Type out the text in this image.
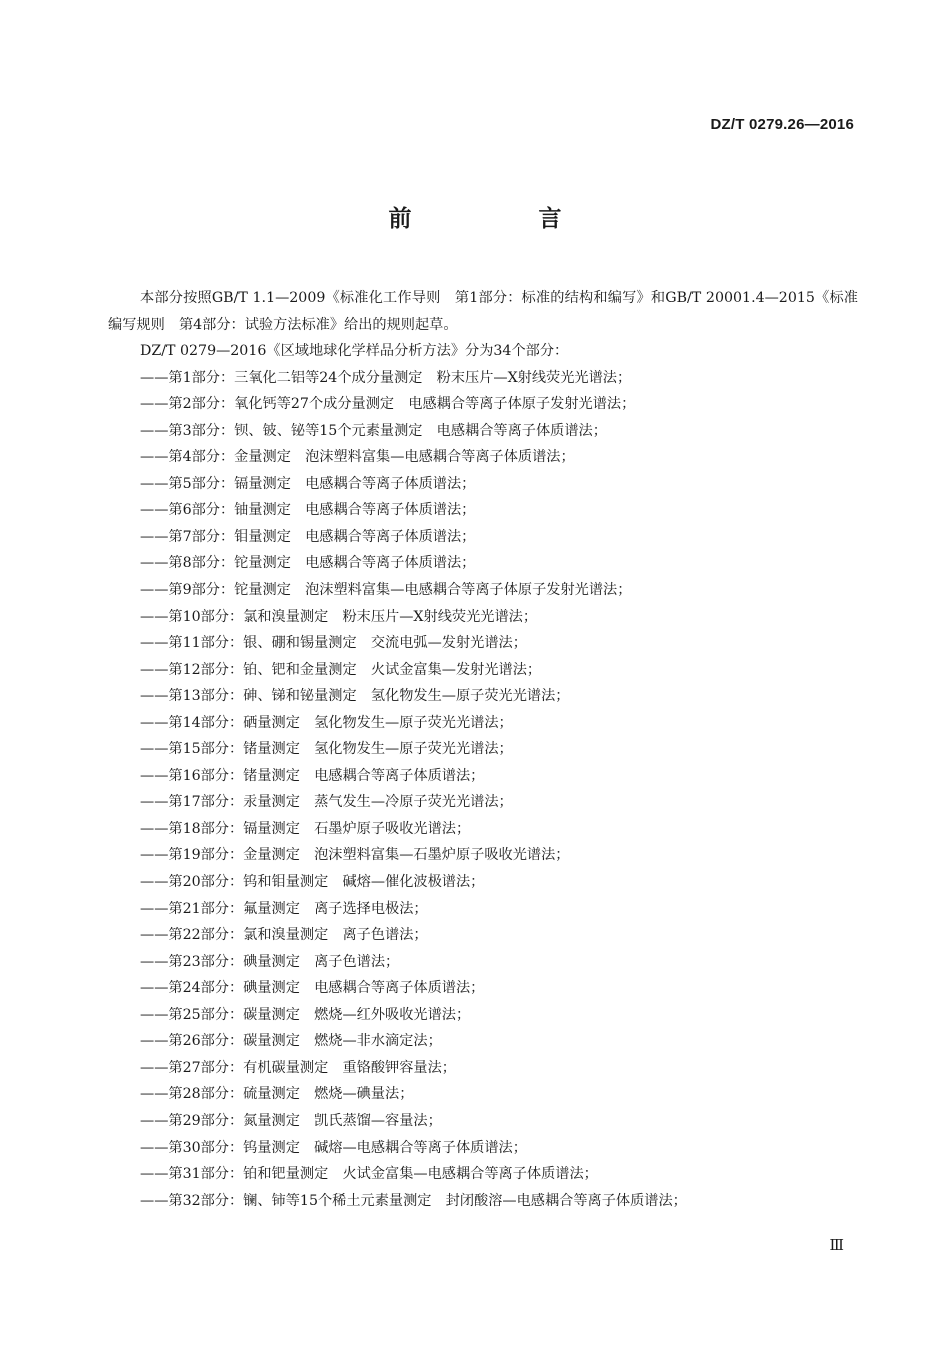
DZ/T 0279.26—2016
前　言

本部分按照GB/T 1.1—2009《标准化工作导则　第1部分：标准的结构和编写》和GB/T 20001.4—2015《标准编写规则　第4部分：试验方法标准》给出的规则起草。

DZ/T 0279—2016《区域地球化学样品分析方法》分为34个部分：

——第1部分：三氧化二铝等24个成分量测定　粉末压片—X射线荧光光谱法；
——第2部分：氧化钙等27个成分量测定　电感耦合等离子体原子发射光谱法；
——第3部分：钡、铍、铋等15个元素量测定　电感耦合等离子体质谱法；
——第4部分：金量测定　泡沫塑料富集—电感耦合等离子体质谱法；
——第5部分：镉量测定　电感耦合等离子体质谱法；
——第6部分：铀量测定　电感耦合等离子体质谱法；
——第7部分：钼量测定　电感耦合等离子体质谱法；
——第8部分：铊量测定　电感耦合等离子体质谱法；
——第9部分：铊量测定　泡沫塑料富集—电感耦合等离子体原子发射光谱法；
——第10部分：氯和溴量测定　粉末压片—X射线荧光光谱法；
——第11部分：银、硼和锡量测定　交流电弧—发射光谱法；
——第12部分：铂、钯和金量测定　火试金富集—发射光谱法；
——第13部分：砷、锑和铋量测定　氢化物发生—原子荧光光谱法；
——第14部分：硒量测定　氢化物发生—原子荧光光谱法；
——第15部分：锗量测定　氢化物发生—原子荧光光谱法；
——第16部分：锗量测定　电感耦合等离子体质谱法；
——第17部分：汞量测定　蒸气发生—冷原子荧光光谱法；
——第18部分：镉量测定　石墨炉原子吸收光谱法；
——第19部分：金量测定　泡沫塑料富集—石墨炉原子吸收光谱法；
——第20部分：钨和钼量测定　碱熔—催化波极谱法；
——第21部分：氟量测定　离子选择电极法；
——第22部分：氯和溴量测定　离子色谱法；
——第23部分：碘量测定　离子色谱法；
——第24部分：碘量测定　电感耦合等离子体质谱法；
——第25部分：碳量测定　燃烧—红外吸收光谱法；
——第26部分：碳量测定　燃烧—非水滴定法；
——第27部分：有机碳量测定　重铬酸钾容量法；
——第28部分：硫量测定　燃烧—碘量法；
——第29部分：氮量测定　凯氏蒸馏—容量法；
——第30部分：钨量测定　碱熔—电感耦合等离子体质谱法；
——第31部分：铂和钯量测定　火试金富集—电感耦合等离子体质谱法；
——第32部分：镧、铈等15个稀土元素量测定　封闭酸溶—电感耦合等离子体质谱法；
Ⅲ
